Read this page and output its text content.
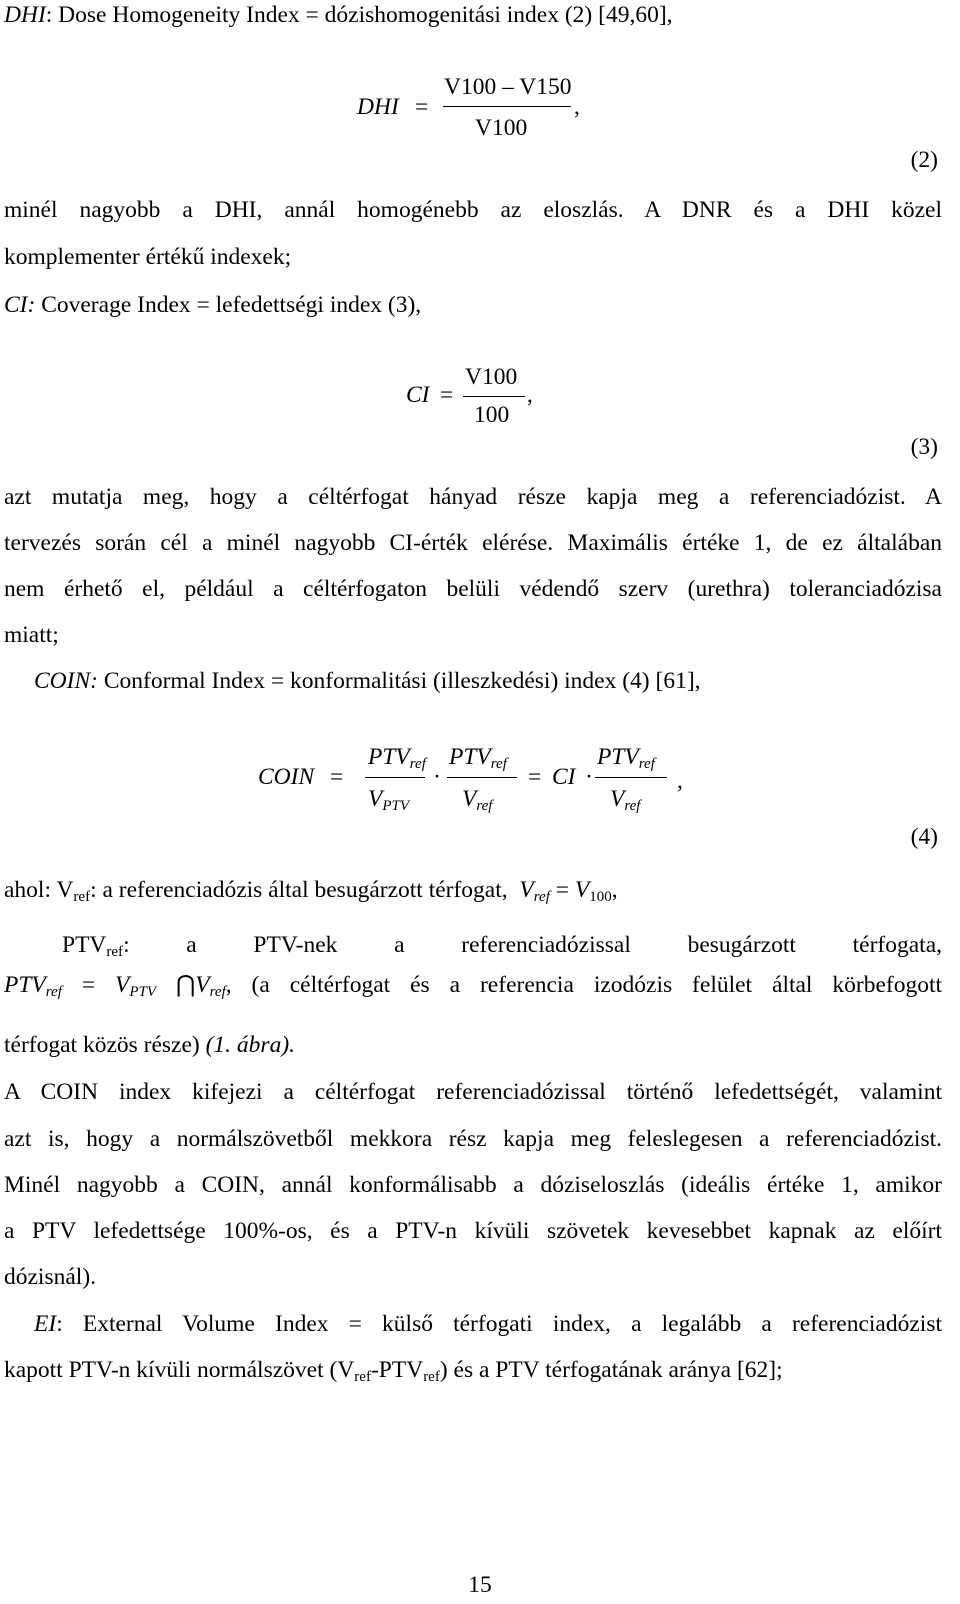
DHI: Dose Homogeneity Index = dózishomogenitási index (2) [49,60],
DHI =
V100 – V150
V100
,
(2)
minél nagyobb a DHI, annál homogénebb az eloszlás. A DNR és a DHI közel
komplementer értékű indexek;
CI: Coverage Index = lefedettségi index (3),
CI =
V100
100
,
(3)
azt mutatja meg, hogy a céltérfogat hányad része kapja meg a referenciadózist. A
tervezés során cél a minél nagyobb CI-érték elérése. Maximális értéke 1, de ez általában
nem érhető el, például a céltérfogaton belüli védendő szerv (urethra) toleranciadózisa
miatt;
COIN: Conformal Index = konformalitási (illeszkedési) index (4) [61],
COIN =
$PTV_{ref}$
$V_{PTV}$
·
$PTV_{ref}$
$V_{ref}$
= CI ·
$PTV_{ref}$
$V_{ref}$
,
(4)
ahol: $V_{ref}$: a referenciadózis által besugárzott térfogat, $V_{ref} = V_{100}$,
$PTV_{ref}$: a PTV-nek a referenciadózissal besugárzott térfogata,
$PTV_{ref} = V_{PTV}$ $⋂V_{ref}$, (a céltérfogat és a referencia izodózis felület által körbefogott
térfogat közös része) (1. ábra).
A COIN index kifejezi a céltérfogat referenciadózissal történő lefedettségét, valamint
azt is, hogy a normálszövetből mekkora rész kapja meg feleslegesen a referenciadózist.
Minél nagyobb a COIN, annál konformálisabb a dóziseloszlás (ideális értéke 1, amikor
a PTV lefedettsége 100%-os, és a PTV-n kívüli szövetek kevesebbet kapnak az előírt
dózisnál).
EI: External Volume Index = külső térfogati index, a legalább a referenciadózist
kapott PTV-n kívüli normálszövet $(V_{ref}-PTV_{ref})$ és a PTV térfogatának aránya [62];
15
